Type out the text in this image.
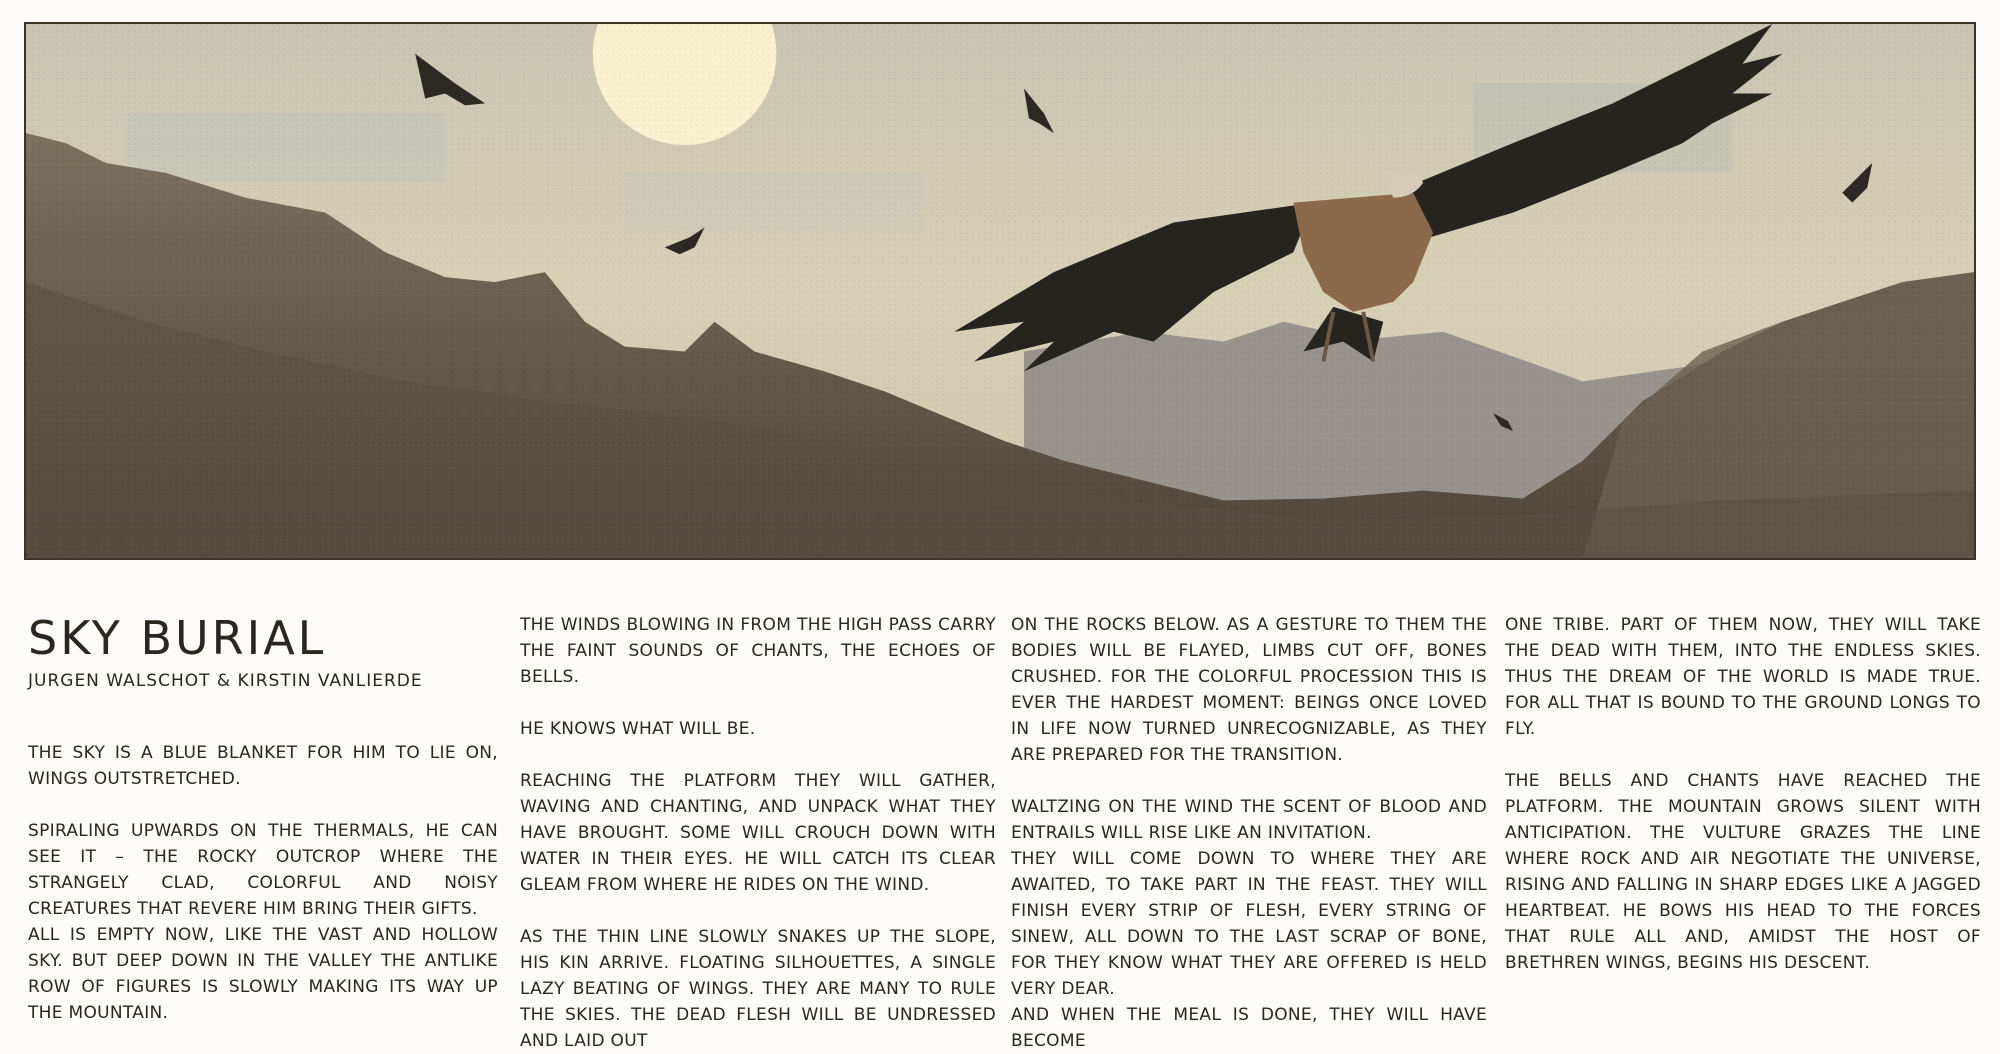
SKY BURIAL
JURGEN WALSCHOT & KIRSTIN VANLIERDE

THE SKY IS A BLUE BLANKET FOR HIM TO LIE ON, WINGS OUTSTRETCHED.

SPIRALING UPWARDS ON THE THERMALS, HE CAN SEE IT – THE ROCKY OUTCROP WHERE THE STRANGELY CLAD, COLORFUL AND NOISY CREATURES THAT REVERE HIM BRING THEIR GIFTS.

ALL IS EMPTY NOW, LIKE THE VAST AND HOLLOW SKY. BUT DEEP DOWN IN THE VALLEY THE ANTLIKE ROW OF FIGURES IS SLOWLY MAKING ITS WAY UP THE MOUNTAIN.

THE WINDS BLOWING IN FROM THE HIGH PASS CARRY THE FAINT SOUNDS OF CHANTS, THE ECHOES OF BELLS.

HE KNOWS WHAT WILL BE.

REACHING THE PLATFORM THEY WILL GATHER, WAVING AND CHANTING, AND UNPACK WHAT THEY HAVE BROUGHT. SOME WILL CROUCH DOWN WITH WATER IN THEIR EYES. HE WILL CATCH ITS CLEAR GLEAM FROM WHERE HE RIDES ON THE WIND.

AS THE THIN LINE SLOWLY SNAKES UP THE SLOPE, HIS KIN ARRIVE. FLOATING SILHOUETTES, A SINGLE LAZY BEATING OF WINGS. THEY ARE MANY TO RULE THE SKIES. THE DEAD FLESH WILL BE UNDRESSED AND LAID OUT

ON THE ROCKS BELOW. AS A GESTURE TO THEM THE BODIES WILL BE FLAYED, LIMBS CUT OFF, BONES CRUSHED. FOR THE COLORFUL PROCESSION THIS IS EVER THE HARDEST MOMENT: BEINGS ONCE LOVED IN LIFE NOW TURNED UNRECOGNIZABLE, AS THEY ARE PREPARED FOR THE TRANSITION.

WALTZING ON THE WIND THE SCENT OF BLOOD AND ENTRAILS WILL RISE LIKE AN INVITATION.

THEY WILL COME DOWN TO WHERE THEY ARE AWAITED, TO TAKE PART IN THE FEAST. THEY WILL FINISH EVERY STRIP OF FLESH, EVERY STRING OF SINEW, ALL DOWN TO THE LAST SCRAP OF BONE, FOR THEY KNOW WHAT THEY ARE OFFERED IS HELD VERY DEAR.

AND WHEN THE MEAL IS DONE, THEY WILL HAVE BECOME

ONE TRIBE. PART OF THEM NOW, THEY WILL TAKE THE DEAD WITH THEM, INTO THE ENDLESS SKIES. THUS THE DREAM OF THE WORLD IS MADE TRUE. FOR ALL THAT IS BOUND TO THE GROUND LONGS TO FLY.

THE BELLS AND CHANTS HAVE REACHED THE PLATFORM. THE MOUNTAIN GROWS SILENT WITH ANTICIPATION. THE VULTURE GRAZES THE LINE WHERE ROCK AND AIR NEGOTIATE THE UNIVERSE, RISING AND FALLING IN SHARP EDGES LIKE A JAGGED HEARTBEAT. HE BOWS HIS HEAD TO THE FORCES THAT RULE ALL AND, AMIDST THE HOST OF BRETHREN WINGS, BEGINS HIS DESCENT.
